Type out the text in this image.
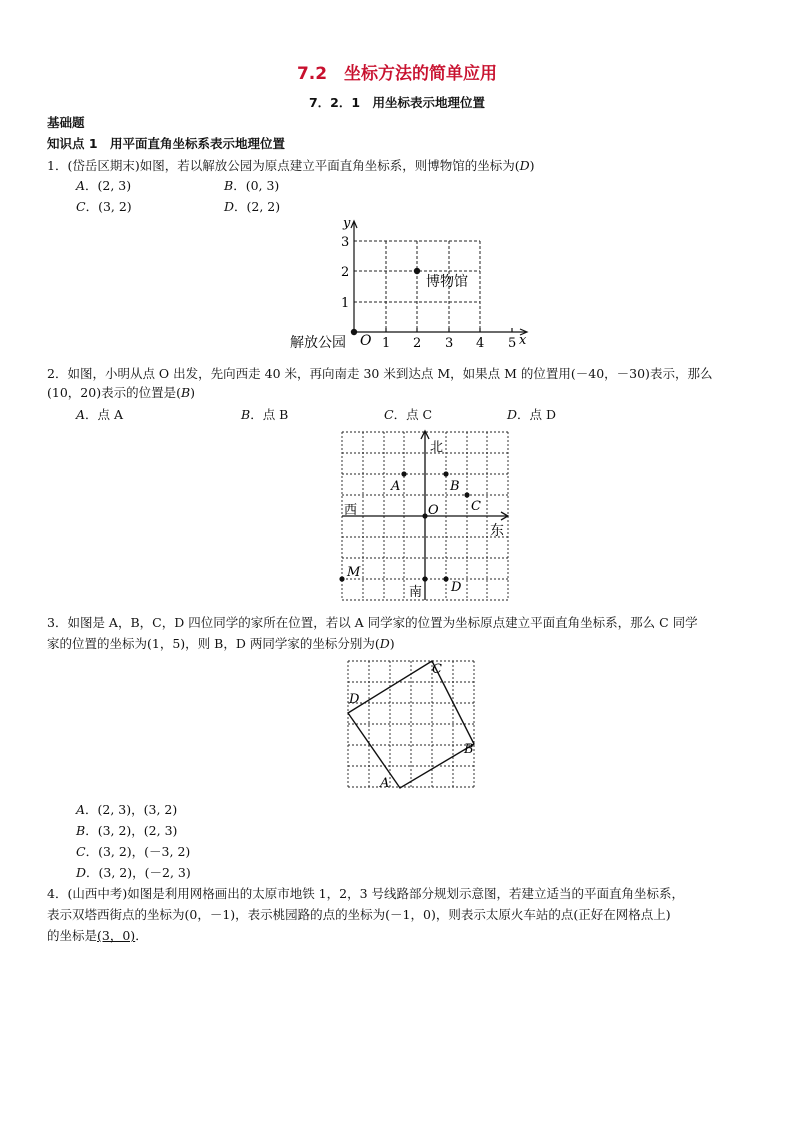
7.2　坐标方法的简单应用
7．2．1　用坐标表示地理位置
基础题
知识点 1　用平面直角坐标系表示地理位置
1．(岱岳区期末)如图，若以解放公园为原点建立平面直角坐标系，则博物馆的坐标为(D)
A．(2, 3)	B．(0, 3)
C．(3, 2)	D．(2, 2)
y
x
O 1 2 3 4 5
1
2
3
博物馆
解放公园
2．如图，小明从点 O 出发，先向西走 40 米，再向南走 30 米到达点 M，如果点 M 的位置用(－40，－30)表示，那么
(10，20)表示的位置是(B)
A．点 A	B．点 B	C．点 C	D．点 D
北
南
西
东
O
A	B
C
D
M
3．如图是 A，B，C，D 四位同学的家所在位置，若以 A 同学家的位置为坐标原点建立平面直角坐标系，那么 C 同学
家的位置的坐标为(1，5)，则 B，D 两同学家的坐标分别为(D)
C
D
B
A
A．(2, 3)，(3, 2)
B．(3, 2)，(2, 3)
C．(3, 2)，(－3, 2)
D．(3, 2)，(－2, 3)
4．(山西中考)如图是利用网格画出的太原市地铁 1，2，3 号线路部分规划示意图，若建立适当的平面直角坐标系，
表示双塔西街点的坐标为(0，－1)，表示桃园路的点的坐标为(－1，0)，则表示太原火车站的点(正好在网格点上)
的坐标是(3，0)．
